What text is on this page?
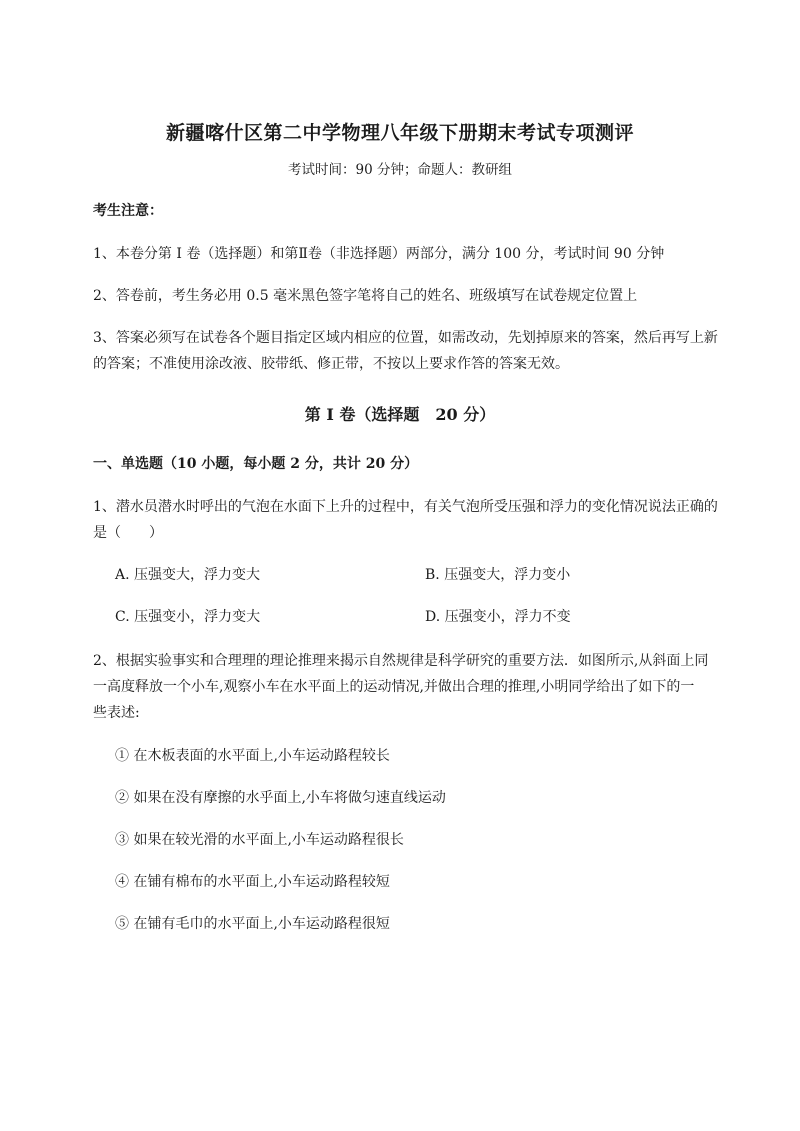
新疆喀什区第二中学物理八年级下册期末考试专项测评
考试时间：90 分钟；命题人：教研组
考生注意：
1、本卷分第 I 卷（选择题）和第Ⅱ卷（非选择题）两部分，满分 100 分，考试时间 90 分钟
2、答卷前，考生务必用 0.5 毫米黑色签字笔将自己的姓名、班级填写在试卷规定位置上
3、答案必须写在试卷各个题目指定区域内相应的位置，如需改动，先划掉原来的答案，然后再写上新
的答案；不准使用涂改液、胶带纸、修正带，不按以上要求作答的答案无效。
第 I 卷（选择题　20 分）
一、单选题（10 小题，每小题 2 分，共计 20 分）
1、潜水员潜水时呼出的气泡在水面下上升的过程中，有关气泡所受压强和浮力的变化情况说法正确的
是（　　）
A. 压强变大，浮力变大	B. 压强变大，浮力变小
C. 压强变小，浮力变大	D. 压强变小，浮力不变
2、根据实验事实和合理理的理论推理来揭示自然规律是科学研究的重要方法．如图所示,从斜面上同
一高度释放一个小车,观察小车在水平面上的运动情况,并做出合理的推理,小明同学给出了如下的一
些表述:
① 在木板表面的水平面上,小车运动路程较长
② 如果在没有摩擦的水乎面上,小车将做匀速直线运动
③ 如果在较光滑的水平面上,小车运动路程很长
④ 在铺有棉布的水平面上,小车运动路程较短
⑤ 在铺有毛巾的水平面上,小车运动路程很短
